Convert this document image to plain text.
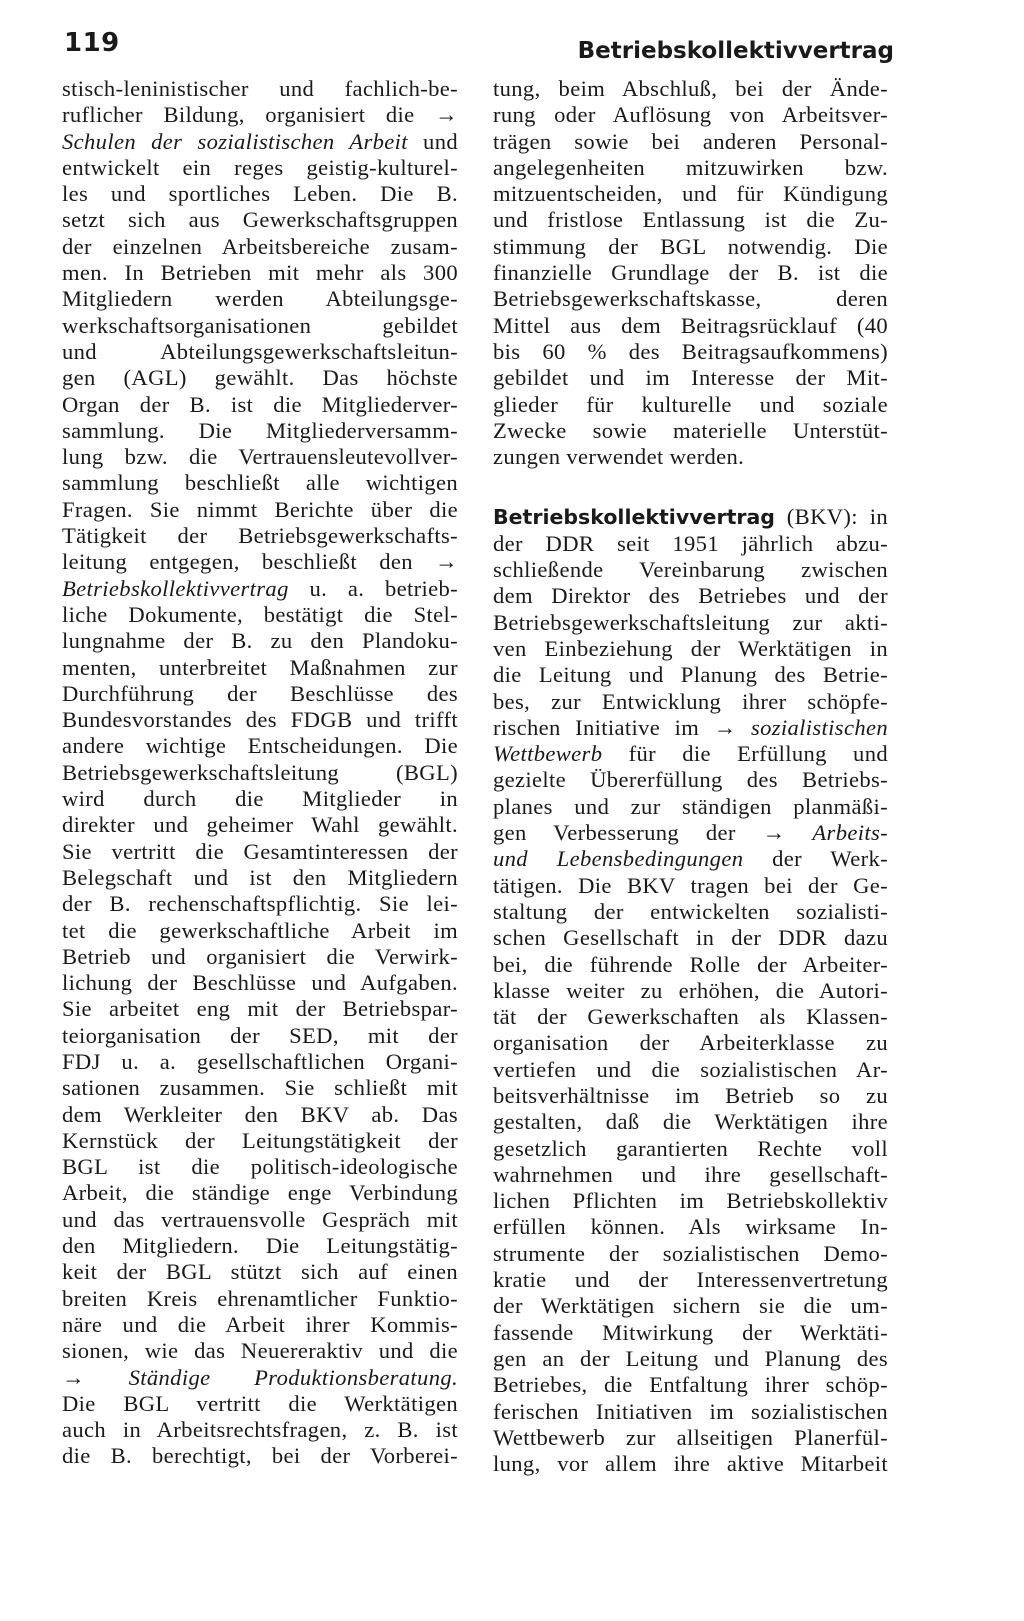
119	Betriebskollektivvertrag
stisch-leninistischer und fachlich-be-
ruflicher Bildung, organisiert die →
Schulen der sozialistischen Arbeit und
entwickelt ein reges geistig-kulturel-
les und sportliches Leben. Die B.
setzt sich aus Gewerkschaftsgruppen
der einzelnen Arbeitsbereiche zusam-
men. In Betrieben mit mehr als 300
Mitgliedern werden Abteilungsge-
werkschaftsorganisationen gebildet
und Abteilungsgewerkschaftsleitun-
gen (AGL) gewählt. Das höchste
Organ der B. ist die Mitgliederver-
sammlung. Die Mitgliederversamm-
lung bzw. die Vertrauensleutevollver-
sammlung beschließt alle wichtigen
Fragen. Sie nimmt Berichte über die
Tätigkeit der Betriebsgewerkschafts-
leitung entgegen, beschließt den →
Betriebskollektivvertrag u. a. betrieb-
liche Dokumente, bestätigt die Stel-
lungnahme der B. zu den Plandoku-
menten, unterbreitet Maßnahmen zur
Durchführung der Beschlüsse des
Bundesvorstandes des FDGB und trifft
andere wichtige Entscheidungen. Die
Betriebsgewerkschaftsleitung (BGL)
wird durch die Mitglieder in
direkter und geheimer Wahl gewählt.
Sie vertritt die Gesamtinteressen der
Belegschaft und ist den Mitgliedern
der B. rechenschaftspflichtig. Sie lei-
tet die gewerkschaftliche Arbeit im
Betrieb und organisiert die Verwirk-
lichung der Beschlüsse und Aufgaben.
Sie arbeitet eng mit der Betriebspar-
teiorganisation der SED, mit der
FDJ u. a. gesellschaftlichen Organi-
sationen zusammen. Sie schließt mit
dem Werkleiter den BKV ab. Das
Kernstück der Leitungstätigkeit der
BGL ist die politisch-ideologische
Arbeit, die ständige enge Verbindung
und das vertrauensvolle Gespräch mit
den Mitgliedern. Die Leitungstätig-
keit der BGL stützt sich auf einen
breiten Kreis ehrenamtlicher Funktio-
näre und die Arbeit ihrer Kommis-
sionen, wie das Neuereraktiv und die
→ Ständige Produktionsberatung.
Die BGL vertritt die Werktätigen
auch in Arbeitsrechtsfragen, z. B. ist
die B. berechtigt, bei der Vorberei-
tung, beim Abschluß, bei der Ände-
rung oder Auflösung von Arbeitsver-
trägen sowie bei anderen Personal-
angelegenheiten mitzuwirken bzw.
mitzuentscheiden, und für Kündigung
und fristlose Entlassung ist die Zu-
stimmung der BGL notwendig. Die
finanzielle Grundlage der B. ist die
Betriebsgewerkschaftskasse, deren
Mittel aus dem Beitragsrücklauf (40
bis 60 % des Beitragsaufkommens)
gebildet und im Interesse der Mit-
glieder für kulturelle und soziale
Zwecke sowie materielle Unterstüt-
zungen verwendet werden.
Betriebskollektivvertrag (BKV): in
der DDR seit 1951 jährlich abzu-
schließende Vereinbarung zwischen
dem Direktor des Betriebes und der
Betriebsgewerkschaftsleitung zur akti-
ven Einbeziehung der Werktätigen in
die Leitung und Planung des Betrie-
bes, zur Entwicklung ihrer schöpfe-
rischen Initiative im → sozialistischen
Wettbewerb für die Erfüllung und
gezielte Übererfüllung des Betriebs-
planes und zur ständigen planmäßi-
gen Verbesserung der → Arbeits-
und Lebensbedingungen der Werk-
tätigen. Die BKV tragen bei der Ge-
staltung der entwickelten sozialisti-
schen Gesellschaft in der DDR dazu
bei, die führende Rolle der Arbeiter-
klasse weiter zu erhöhen, die Autori-
tät der Gewerkschaften als Klassen-
organisation der Arbeiterklasse zu
vertiefen und die sozialistischen Ar-
beitsverhältnisse im Betrieb so zu
gestalten, daß die Werktätigen ihre
gesetzlich garantierten Rechte voll
wahrnehmen und ihre gesellschaft-
lichen Pflichten im Betriebskollektiv
erfüllen können. Als wirksame In-
strumente der sozialistischen Demo-
kratie und der Interessenvertretung
der Werktätigen sichern sie die um-
fassende Mitwirkung der Werktäti-
gen an der Leitung und Planung des
Betriebes, die Entfaltung ihrer schöp-
ferischen Initiativen im sozialistischen
Wettbewerb zur allseitigen Planerfül-
lung, vor allem ihre aktive Mitarbeit
